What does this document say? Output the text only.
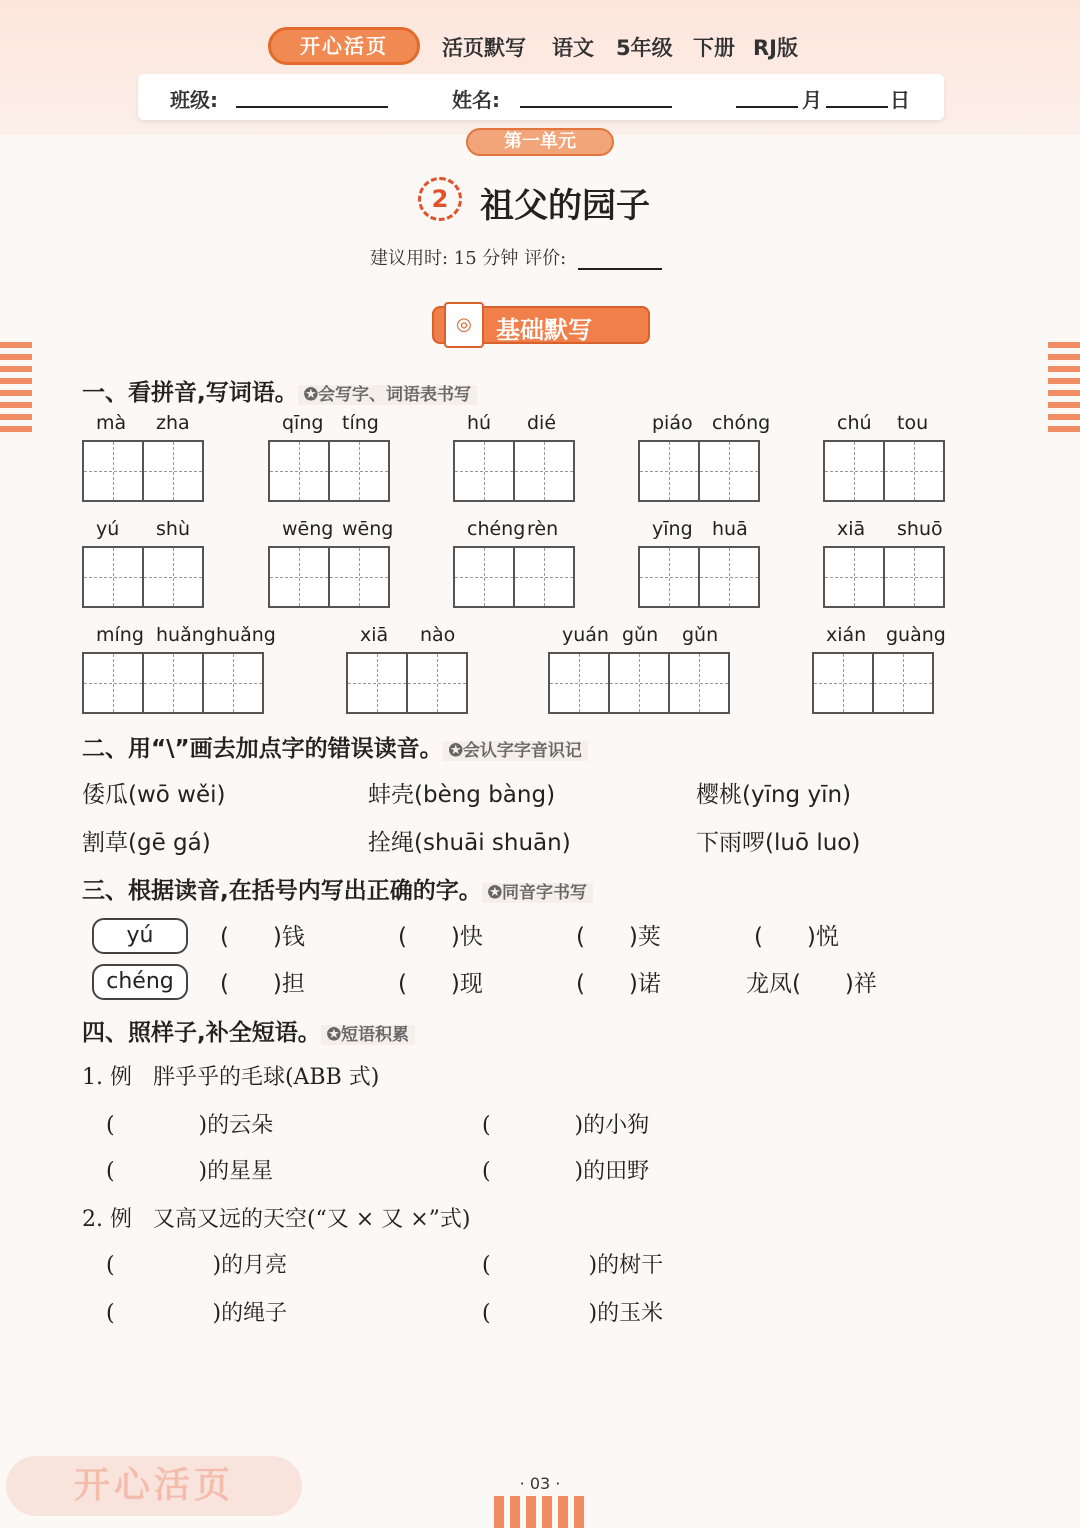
开心活页	活页默写 语文 5年级 下册 RJ版
班级:	姓名:	月	日
第一单元
2 祖父的园子
建议用时: 15 分钟 评价:
◎	基础默写
一、看拼音,写词语。 ✪会写字、词语表书写
mà zha	qīng tíng	hú dié	piáo chóng	chú tou
yú shù	wēng wēng	chéng rèn	yīng huā	xiā shuō
míng huǎng huǎng	xiā nào	yuán gǔn gǔn	xián guàng
二、用“\”画去加点字的错误读音。 ✪会认字字音识记
倭瓜(wō wěi)	蚌壳(bèng bàng)	樱桃(yīng yīn)
割草(gē gá)	拴绳(shuāi shuān)	下雨啰(luō luo)
三、根据读音,在括号内写出正确的字。 ✪同音字书写
yú	(      )钱	(      )快	(      )荚	(      )悦
chéng	(      )担	(      )现	(      )诺	龙凤(      )祥
四、照样子,补全短语。 ✪短语积累
1. 例   胖乎乎的毛球(ABB 式)
(            )的云朵	(            )的小狗
(            )的星星	(            )的田野
2. 例   又高又远的天空(“又 × 又 ×”式)
(              )的月亮	(              )的树干
(              )的绳子	(              )的玉米
开心活页	· 03 ·
